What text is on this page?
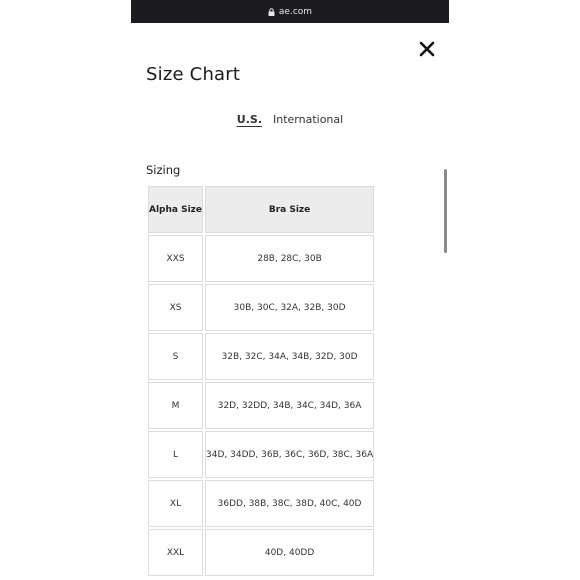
ae.com
Size Chart
U.S. International
Sizing
Alpha Size	Bra Size
XXS	28B, 28C, 30B
XS	30B, 30C, 32A, 32B, 30D
S	32B, 32C, 34A, 34B, 32D, 30D
M	32D, 32DD, 34B, 34C, 34D, 36A
L	34D, 34DD, 36B, 36C, 36D, 38C, 36A
XL	36DD, 38B, 38C, 38D, 40C, 40D
XXL	40D, 40DD
